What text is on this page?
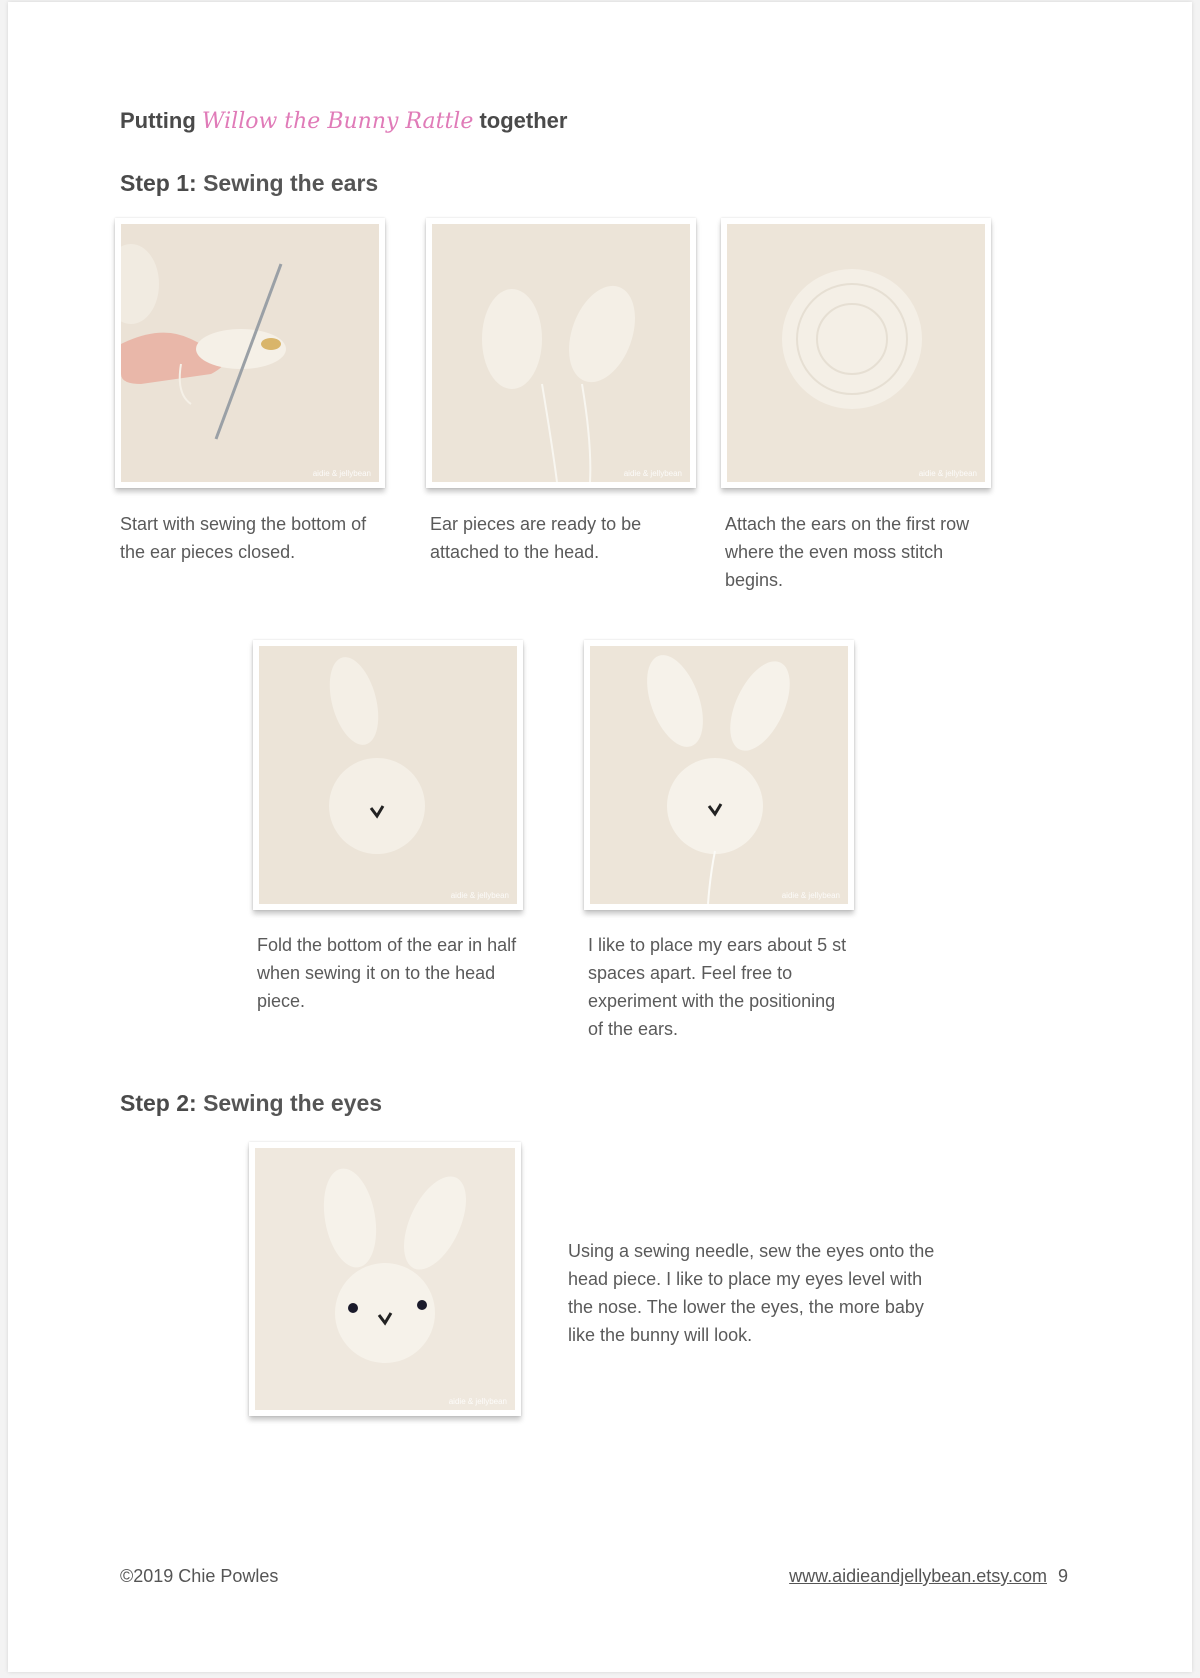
Putting Willow the Bunny Rattle together
Step 1: Sewing the ears
aidie & jellybean	aidie & jellybean	aidie & jellybean

Start with sewing the bottom of the ear pieces closed.

Ear pieces are ready to be attached to the head.

Attach the ears on the first row where the even moss stitch begins.

aidie & jellybean	aidie & jellybean

Fold the bottom of the ear in half when sewing it on to the head piece.

I like to place my ears about 5 st spaces apart. Feel free to experiment with the positioning of the ears.

Step 2: Sewing the eyes
aidie & jellybean

Using a sewing needle, sew the eyes onto the head piece. I like to place my eyes level with the nose. The lower the eyes, the more baby like the bunny will look.

©2019 Chie Powles	www.aidieandjellybean.etsy.com 9
